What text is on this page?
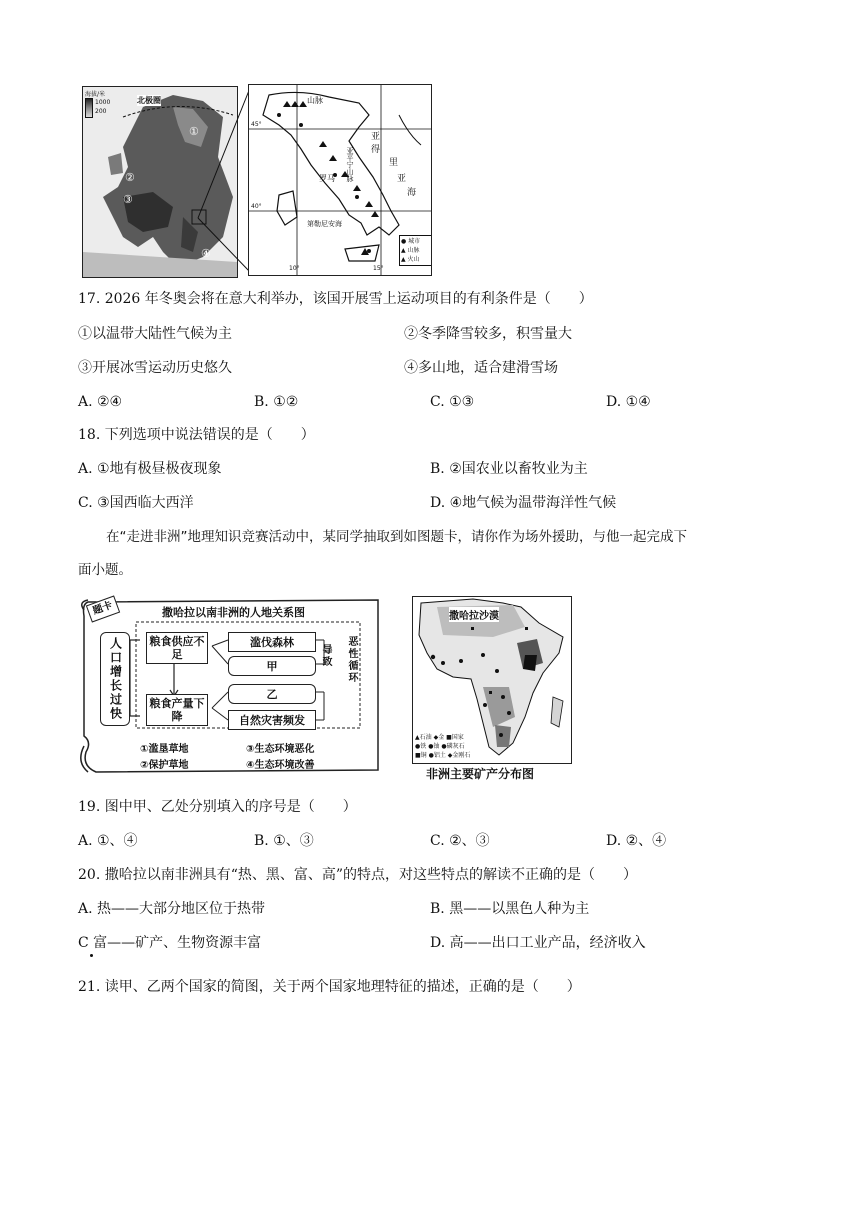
海拔/米
1000
200
北极圈
①
②
③
④
山脉
亚
得
里
亚
海
罗马 亚平宁山脉
第勒尼安海
45°
40°
10°	15°
● 城市
▲ 山脉
▲ 火山
17. 2026 年冬奥会将在意大利举办，该国开展雪上运动项目的有利条件是（　　）
①以温带大陆性气候为主	②冬季降雪较多，积雪量大
③开展冰雪运动历史悠久	④多山地，适合建滑雪场
A. ②④	B. ①②	C. ①③	D. ①④
18. 下列选项中说法错误的是（　　）
A. ①地有极昼极夜现象	B. ②国农业以畜牧业为主
C. ③国西临大西洋	D. ④地气候为温带海洋性气候
在“走进非洲”地理知识竞赛活动中，某同学抽取到如图题卡，请你作为场外援助，与他一起完成下
面小题。
题卡	撒哈拉以南非洲的人地关系图
人口增长过快	粮食供应不足
滥伐森林
甲	导致 恶性循环
乙
粮食产量下降	自然灾害频发
①滥垦草地	③生态环境恶化
②保护草地	④生态环境改善
撒哈拉沙漠
▲石油 ◆金 ■国家
●铁 ●铀 ●磷灰石
■铜 ●铝土 ◆金刚石
非洲主要矿产分布图
19. 图中甲、乙处分别填入的序号是（　　）
A. ①、④	B. ①、③	C. ②、③	D. ②、④
20. 撒哈拉以南非洲具有“热、黑、富、高”的特点，对这些特点的解读不正确的是（　　）
A. 热——大部分地区位于热带	B. 黑——以黑色人种为主
C 富——矿产、生物资源丰富	D. 高——出口工业产品，经济收入
21. 读甲、乙两个国家的简图，关于两个国家地理特征的描述，正确的是（　　）
